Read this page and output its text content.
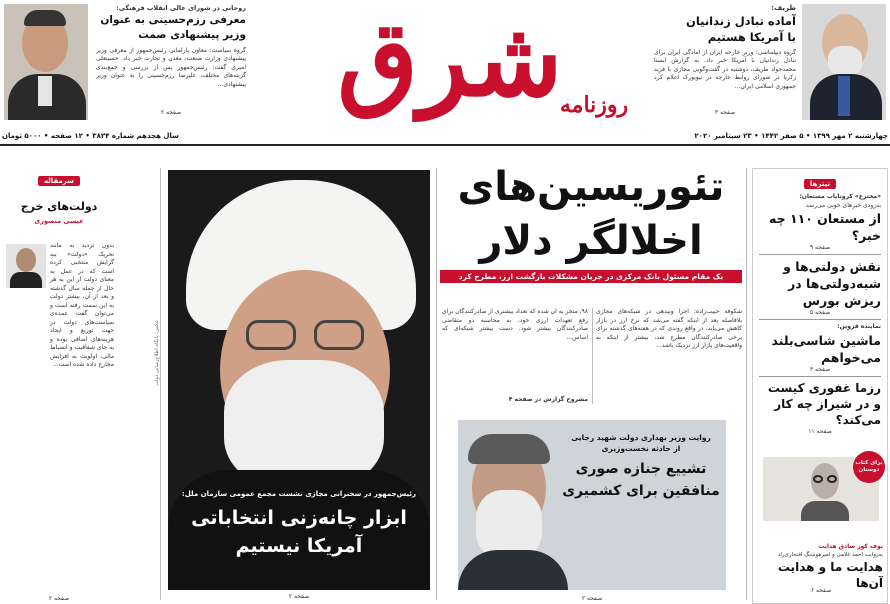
ظریف:
آماده تبادل زندانیان
با آمریکا هستیم
گروه دیپلماسی: وزیر خارجه ایران از آمادگی ایران برای تبادل زندانیان با آمریکا خبر داد. به گزارش ایسنا محمدجواد ظریف، دوشنبه در گفت‌وگویی مجازی با فرید زکریا در شورای روابط خارجه در نیویورک اعلام کرد جمهوری اسلامی ایران...
صفحه ۳
شرق
روزنامه
روحانی در شورای عالی انقلاب فرهنگی:
معرفی رزم‌حسینی به عنوان
وزیر پیشنهادی صمت
گروه سیاست: معاون پارلمانی رئیس‌جمهور از معرفی وزیر پیشنهادی وزارت صنعت، معدن و تجارت خبر داد. حسینعلی امیری گفت: رئیس‌جمهور پس از بررسی و جمع‌بندی گزینه‌های مختلف، علیرضا رزم‌حسینی را به عنوان وزیر پیشنهادی...
صفحه ۲
چهارشنبه ۲ مهر ۱۳۹۹ • ۵ صفر ۱۴۴۲ • ۲۳ سپتامبر ۲۰۲۰
سال هجدهم شماره ۳۸۲۴ • ۱۲ صفحه • ۵۰۰۰ تومان
تیترها
«مخترع» کرونایاب مستعان:
به‌زودی خبرهای خوبی می‌رسد
از مستعان ۱۱۰ چه خبر؟
صفحه ۹
نقش دولتی‌ها و شبه‌دولتی‌ها در ریزش بورس
صفحه ۵
نماینده قزوین:
ماشین شاسی‌بلند می‌خواهم
صفحه ۳
رزما غفوری کیست و در شیراز چه کار می‌کند؟
صفحه ۱۱
برای کتاب دوستان
بوف کور صادق هدایت
به‌روایت احمد غلامی و امیرهوشنگ افتخاری‌راد
هدایت ما و هدایت آن‌ها
صفحه ۶
تئوریسین‌های
اخلالگر دلار
یک مقام مسئول بانک مرکزی در جریان مشکلات بازگشت ارز، مطرح کرد
شکوفه حبیب‌زاده: اجرا وبیدهی در شبکه‌های مجازی بلافاصله بعد از اینکه گفته می‌شد که نرخ ارز در بازار کاهش می‌یابد، در واقع روندی که در هفته‌های گذشته برای برخی صادرکنندگان مطرح شد، بیشتر از اینکه به واقعیت‌های بازار ارز نزدیک باشد...
۹۸، منجر به آن شده که تعداد بیشتری از صادرکنندگان برای رفع تعهدات ارزی خود، به محاسبه دو متقاضی صادرکنندگان بیشتر شود. دست بیشتر شبکه‌ای که اساس...
مشروح گزارش در صفحه ۴
روایت وزیر بهداری دولت شهید رجایی
از حادثه نخست‌وزیری
تشییع جنازه صوری
منافقین برای کشمیری
صفحه ۲
عکس: پایگاه اطلاع‌رسانی دولت
رئیس‌جمهور در سخنرانی مجازی نشست مجمع عمومی سازمان ملل:
ابزار چانه‌زنی انتخاباتی
آمریکا نیستیم
صفحه ۲
سرمقاله
دولت‌های خرج
عیسی منصوری
بدون تردید به مانند تحریک «دولت» بیه گرایش منتخبی کرده است که در عمل به معنای دولت از این به هر حال از جمله سال گذشته و بعد از آن، بیشتر دولت به این سمت رفته است و می‌توان گفت عمده‌ی سیاست‌های دولت در جهت توزیع و ایجاد هزینه‌های اضافی بوده و به جای شفافیت و انضباط مالی، اولویت به افزایش مخارج داده شده است...
صفحه ۲
